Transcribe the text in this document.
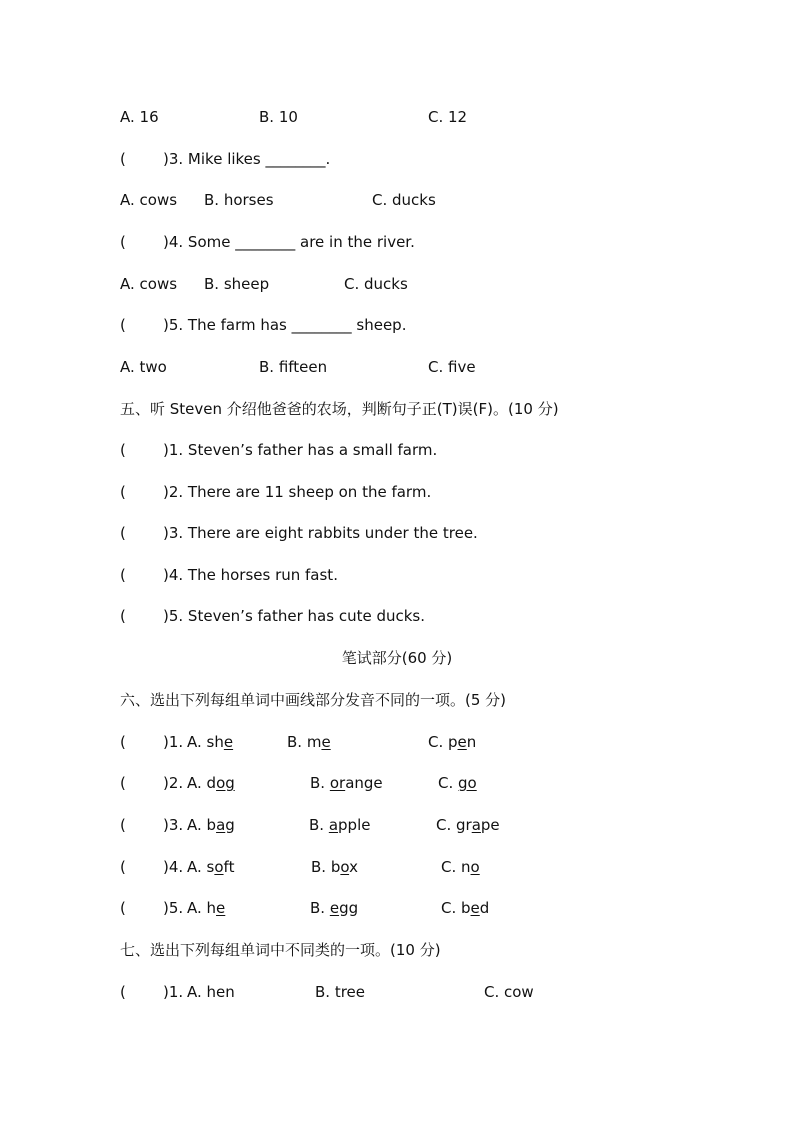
A. 16

	B. 10

	C. 12

(

)3. Mike likes ________.

A. cows

B. horses

	C. ducks

(

)4. Some ________ are in the river.

A. cows

B. sheep

	C. ducks

(

)5. The farm has ________ sheep.

A. two

	B. fifteen

	C. five

五、听 Steven 介绍他爸爸的农场，判断句子正(T)误(F)。(10 分)

(

)1. Steven’s father has a small farm.

(

)2. There are 11 sheep on the farm.

(

)3. There are eight rabbits under the tree.

(

)4. The horses run fast.

(

)5. Steven’s father has cute ducks.

笔试部分(60 分)

六、选出下列每组单词中画线部分发音不同的一项。(5 分)

(

)1.

A. she

	B. me

	C. pen

(

)2.

A. dog

	B. orange

	C. go

(

)3.

A. bag

	B. apple

	C. grape

(

)4.

A. soft

	B. box

	C. no

(

)5.

A. he

	B. egg

	C. bed

七、选出下列每组单词中不同类的一项。(10 分)

(

)1.

A. hen

	B. tree

	C. cow
